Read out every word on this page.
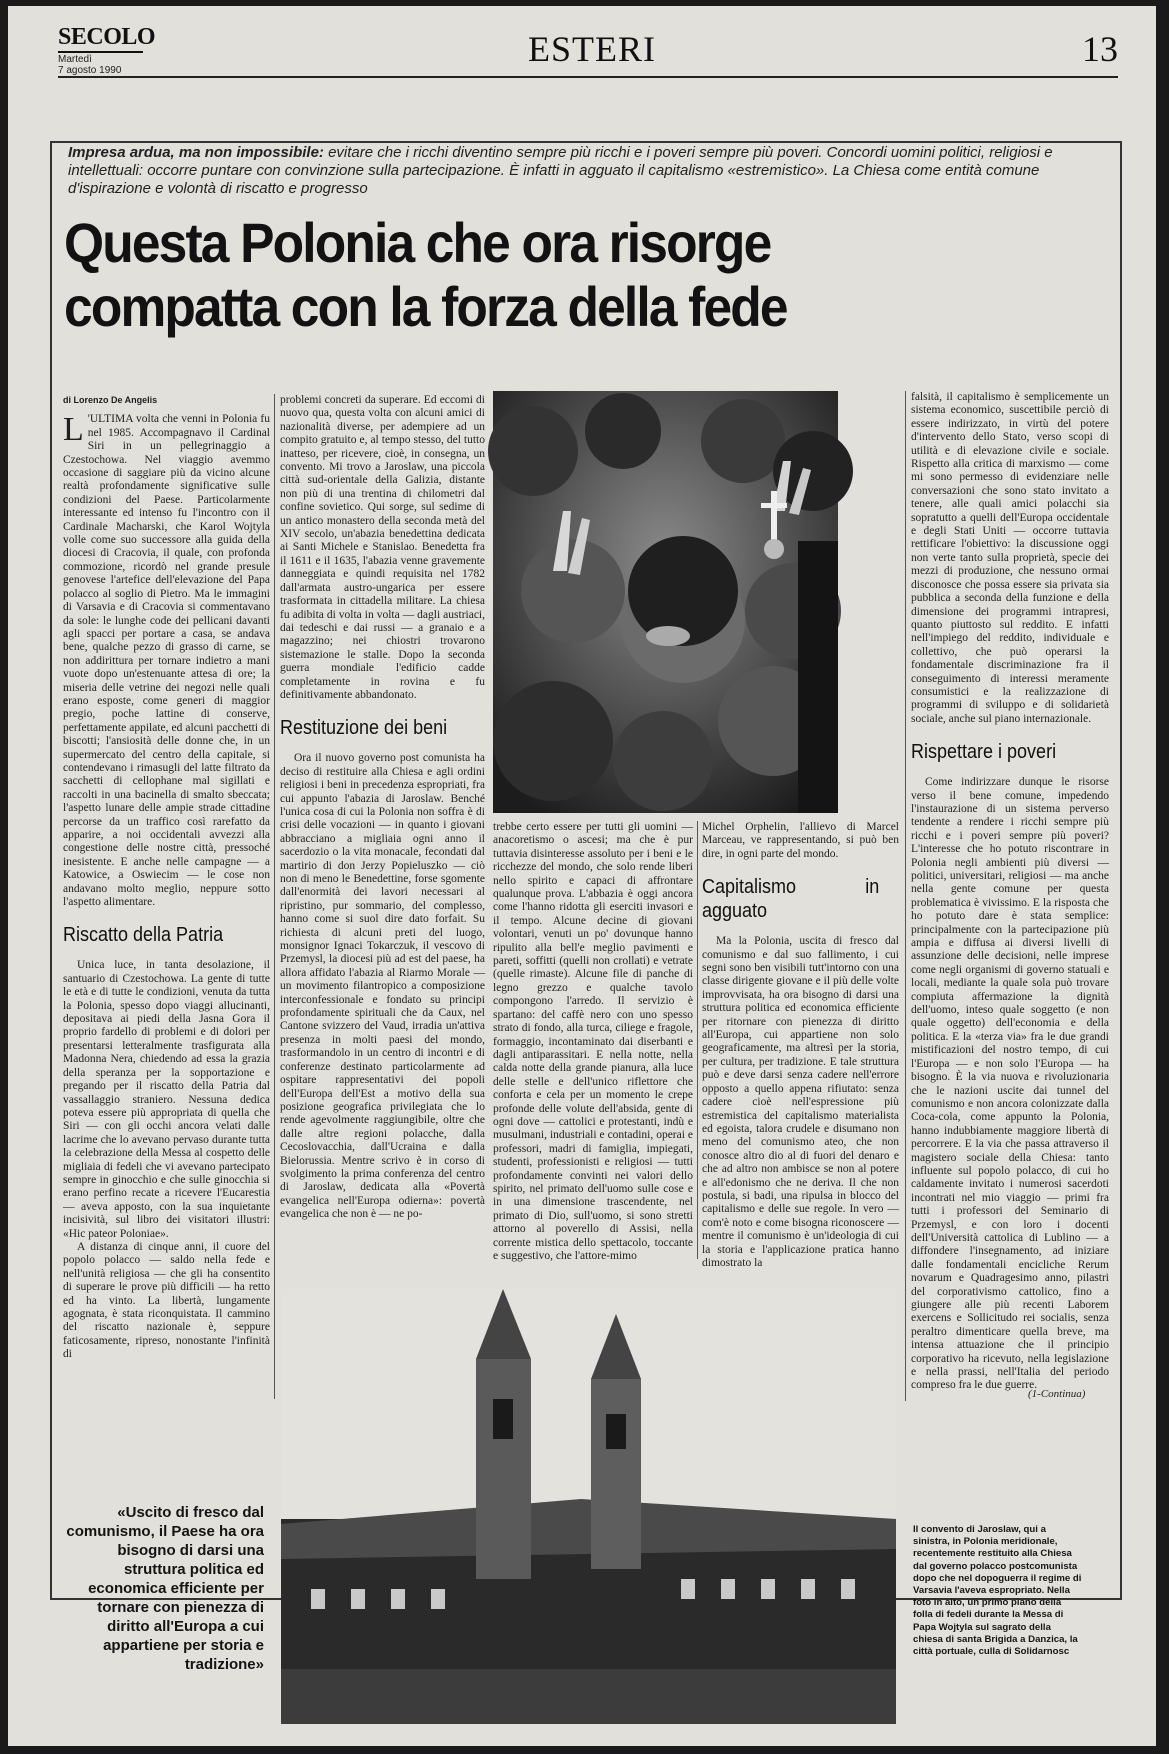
SECOLO
Martedì
7 agosto 1990
ESTERI	13
Impresa ardua, ma non impossibile: evitare che i ricchi diventino sempre più ricchi e i poveri sempre più poveri. Concordi uomini politici, religiosi e intellettuali: occorre puntare con convinzione sulla partecipazione. È infatti in agguato il capitalismo «estremistico». La Chiesa come entità comune d'ispirazione e volontà di riscatto e progresso
Questa Polonia che ora risorge
compatta con la forza della fede
di Lorenzo De Angelis

L 'ULTIMA volta che venni in Polonia fu nel 1985. Accompagnavo il Cardinal Siri in un pellegrinaggio a Czestochowa. Nel viaggio avemmo occasione di saggiare più da vicino alcune realtà profondamente significative sulle condizioni del Paese. Particolarmente interessante ed intenso fu l'incontro con il Cardinale Macharski, che Karol Wojtyla volle come suo successore alla guida della diocesi di Cracovia, il quale, con profonda commozione, ricordò nel grande presule genovese l'artefice dell'elevazione del Papa polacco al soglio di Pietro. Ma le immagini di Varsavia e di Cracovia si commentavano da sole: le lunghe code dei pellicani davanti agli spacci per portare a casa, se andava bene, qualche pezzo di grasso di carne, se non addirittura per tornare indietro a mani vuote dopo un'estenuante attesa di ore; la miseria delle vetrine dei negozi nelle quali erano esposte, come generi di maggior pregio, poche lattine di conserve, perfettamente appilate, ed alcuni pacchetti di biscotti; l'ansiosità delle donne che, in un supermercato del centro della capitale, si contendevano i rimasugli del latte filtrato da sacchetti di cellophane mal sigillati e raccolti in una bacinella di smalto sbeccata; l'aspetto lunare delle ampie strade cittadine percorse da un traffico così rarefatto da apparire, a noi occidentali avvezzi alla congestione delle nostre città, pressoché inesistente. E anche nelle campagne — a Katowice, a Oswiecim — le cose non andavano molto meglio, neppure sotto l'aspetto alimentare.

Riscatto della Patria

Unica luce, in tanta desolazione, il santuario di Czestochowa. La gente di tutte le età e di tutte le condizioni, venuta da tutta la Polonia, spesso dopo viaggi allucinanti, depositava ai piedi della Jasna Gora il proprio fardello di problemi e di dolori per presentarsi letteralmente trasfigurata alla Madonna Nera, chiedendo ad essa la grazia della speranza per la sopportazione e pregando per il riscatto della Patria dal vassallaggio straniero. Nessuna dedica poteva essere più appropriata di quella che Siri — con gli occhi ancora velati dalle lacrime che lo avevano pervaso durante tutta la celebrazione della Messa al cospetto delle migliaia di fedeli che vi avevano partecipato sempre in ginocchio e che sulle ginocchia si erano perfino recate a ricevere l'Eucarestia — aveva apposto, con la sua inquietante incisività, sul libro dei visitatori illustri: «Hic pateor Poloniae».

A distanza di cinque anni, il cuore del popolo polacco — saldo nella fede e nell'unità religiosa — che gli ha consentito di superare le prove più difficili — ha retto ed ha vinto. La libertà, lungamente agognata, è stata riconquistata. Il cammino del riscatto nazionale è, seppure faticosamente, ripreso, nonostante l'infinità di

problemi concreti da superare. Ed eccomi di nuovo qua, questa volta con alcuni amici di nazionalità diverse, per adempiere ad un compito gratuito e, al tempo stesso, del tutto inatteso, per ricevere, cioè, in consegna, un convento. Mi trovo a Jaroslaw, una piccola città sud-orientale della Galizia, distante non più di una trentina di chilometri dal confine sovietico. Qui sorge, sul sedime di un antico monastero della seconda metà del XIV secolo, un'abazia benedettina dedicata ai Santi Michele e Stanislao. Benedetta fra il 1611 e il 1635, l'abazia venne gravemente danneggiata e quindi requisita nel 1782 dall'armata austro-ungarica per essere trasformata in cittadella militare. La chiesa fu adibita di volta in volta — dagli austriaci, dai tedeschi e dai russi — a granaio e a magazzino; nei chiostri trovarono sistemazione le stalle. Dopo la seconda guerra mondiale l'edificio cadde completamente in rovina e fu definitivamente abbandonato.

Restituzione dei beni

Ora il nuovo governo post comunista ha deciso di restituire alla Chiesa e agli ordini religiosi i beni in precedenza espropriati, fra cui appunto l'abazia di Jaroslaw. Benché l'unica cosa di cui la Polonia non soffra è di crisi delle vocazioni — in quanto i giovani abbracciano a migliaia ogni anno il sacerdozio o la vita monacale, fecondati dal martirio di don Jerzy Popieluszko — ciò non di meno le Benedettine, forse sgomente dall'enormità dei lavori necessari al ripristino, pur sommario, del complesso, hanno come si suol dire dato forfait. Su richiesta di alcuni preti del luogo, monsignor Ignaci Tokarczuk, il vescovo di Przemysl, la diocesi più ad est del paese, ha allora affidato l'abazia al Riarmo Morale — un movimento filantropico a composizione interconfessionale e fondato su principi profondamente spirituali che da Caux, nel Cantone svizzero del Vaud, irradia un'attiva presenza in molti paesi del mondo, trasformandolo in un centro di incontri e di conferenze destinato particolarmente ad ospitare rappresentativi dei popoli dell'Europa dell'Est a motivo della sua posizione geografica privilegiata che lo rende agevolmente raggiungibile, oltre che dalle altre regioni polacche, dalla Cecoslovacchia, dall'Ucraina e dalla Bielorussia. Mentre scrivo è in corso di svolgimento la prima conferenza del centro di Jaroslaw, dedicata alla «Povertà evangelica nell'Europa odierna»: povertà evangelica che non è — ne po-

trebbe certo essere per tutti gli uomini — anacoretismo o ascesi; ma che è pur tuttavia disinteresse assoluto per i beni e le ricchezze del mondo, che solo rende liberi nello spirito e capaci di affrontare qualunque prova. L'abbazia è oggi ancora come l'hanno ridotta gli eserciti invasori e il tempo. Alcune decine di giovani volontari, venuti un po' dovunque hanno ripulito alla bell'e meglio pavimenti e pareti, soffitti (quelli non crollati) e vetrate (quelle rimaste). Alcune file di panche di legno grezzo e qualche tavolo compongono l'arredo. Il servizio è spartano: del caffè nero con uno spesso strato di fondo, alla turca, ciliege e fragole, formaggio, incontaminato dai diserbanti e dagli antiparassitari. E nella notte, nella calda notte della grande pianura, alla luce delle stelle e dell'unico riflettore che conforta e cela per un momento le crepe profonde delle volute dell'absida, gente di ogni dove — cattolici e protestanti, indù e musulmani, industriali e contadini, operai e professori, madri di famiglia, impiegati, studenti, professionisti e religiosi — tutti profondamente convinti nei valori dello spirito, nel primato dell'uomo sulle cose e in una dimensione trascendente, nel primato di Dio, sull'uomo, si sono stretti attorno al poverello di Assisi, nella corrente mistica dello spettacolo, toccante e suggestivo, che l'attore-mimo

Michel Orphelin, l'allievo di Marcel Marceau, ve rappresentando, si può ben dire, in ogni parte del mondo.

Capitalismo in agguato

Ma la Polonia, uscita di fresco dal comunismo e dal suo fallimento, i cui segni sono ben visibili tutt'intorno con una classe dirigente giovane e il più delle volte improvvisata, ha ora bisogno di darsi una struttura politica ed economica efficiente per ritornare con pienezza di diritto all'Europa, cui appartiene non solo geograficamente, ma altresì per la storia, per cultura, per tradizione. E tale struttura può e deve darsi senza cadere nell'errore opposto a quello appena rifiutato: senza cadere cioè nell'espressione più estremistica del capitalismo materialista ed egoista, talora crudele e disumano non meno del comunismo ateo, che non conosce altro dio al di fuori del denaro e che ad altro non ambisce se non al potere e all'edonismo che ne deriva. Il che non postula, si badi, una ripulsa in blocco del capitalismo e delle sue regole. In vero — com'è noto e come bisogna riconoscere — mentre il comunismo è un'ideologia di cui la storia e l'applicazione pratica hanno dimostrato la

falsità, il capitalismo è semplicemente un sistema economico, suscettibile perciò di essere indirizzato, in virtù del potere d'intervento dello Stato, verso scopi di utilità e di elevazione civile e sociale. Rispetto alla critica di marxismo — come mi sono permesso di evidenziare nelle conversazioni che sono stato invitato a tenere, alle quali amici polacchi sia sopratutto a quelli dell'Europa occidentale e degli Stati Uniti — occorre tuttavia rettificare l'obiettivo: la discussione oggi non verte tanto sulla proprietà, specie dei mezzi di produzione, che nessuno ormai disconosce che possa essere sia privata sia pubblica a seconda della funzione e della dimensione dei programmi intrapresi, quanto piuttosto sul reddito. E infatti nell'impiego del reddito, individuale e collettivo, che può operarsi la fondamentale discriminazione fra il conseguimento di interessi meramente consumistici e la realizzazione di programmi di sviluppo e di solidarietà sociale, anche sul piano internazionale.

Rispettare i poveri

Come indirizzare dunque le risorse verso il bene comune, impedendo l'instaurazione di un sistema perverso tendente a rendere i ricchi sempre più ricchi e i poveri sempre più poveri? L'interesse che ho potuto riscontrare in Polonia negli ambienti più diversi — politici, universitari, religiosi — ma anche nella gente comune per questa problematica è vivissimo. E la risposta che ho potuto dare è stata semplice: principalmente con la partecipazione più ampia e diffusa ai diversi livelli di assunzione delle decisioni, nelle imprese come negli organismi di governo statuali e locali, mediante la quale sola può trovare compiuta affermazione la dignità dell'uomo, inteso quale soggetto (e non quale oggetto) dell'economia e della politica. E la «terza via» fra le due grandi mistificazioni del nostro tempo, di cui l'Europa — e non solo l'Europa — ha bisogno. È la via nuova e rivoluzionaria che le nazioni uscite dai tunnel del comunismo e non ancora colonizzate dalla Coca-cola, come appunto la Polonia, hanno indubbiamente maggiore libertà di percorrere. E la via che passa attraverso il magistero sociale della Chiesa: tanto influente sul popolo polacco, di cui ho caldamente invitato i numerosi sacerdoti incontrati nel mio viaggio — primi fra tutti i professori del Seminario di Przemysl, e con loro i docenti dell'Università cattolica di Lublino — a diffondere l'insegnamento, ad iniziare dalle fondamentali encicliche Rerum novarum e Quadragesimo anno, pilastri del corporativismo cattolico, fino a giungere alle più recenti Laborem exercens e Sollicitudo rei socialis, senza peraltro dimenticare quella breve, ma intensa attuazione che il principio corporativo ha ricevuto, nella legislazione e nella prassi, nell'Italia del periodo compreso fra le due guerre.

(1-Continua)
«Uscito di fresco dal comunismo, il Paese ha ora bisogno di darsi una struttura politica ed economica efficiente per tornare con pienezza di diritto all'Europa a cui appartiene per storia e tradizione»
Il convento di Jaroslaw, qui a sinistra, in Polonia meridionale, recentemente restituito alla Chiesa dal governo polacco postcomunista dopo che nel dopoguerra il regime di Varsavia l'aveva espropriato. Nella foto in alto, un primo piano della folla di fedeli durante la Messa di Papa Wojtyla sul sagrato della chiesa di santa Brigida a Danzica, la città portuale, culla di Solidarnosc
